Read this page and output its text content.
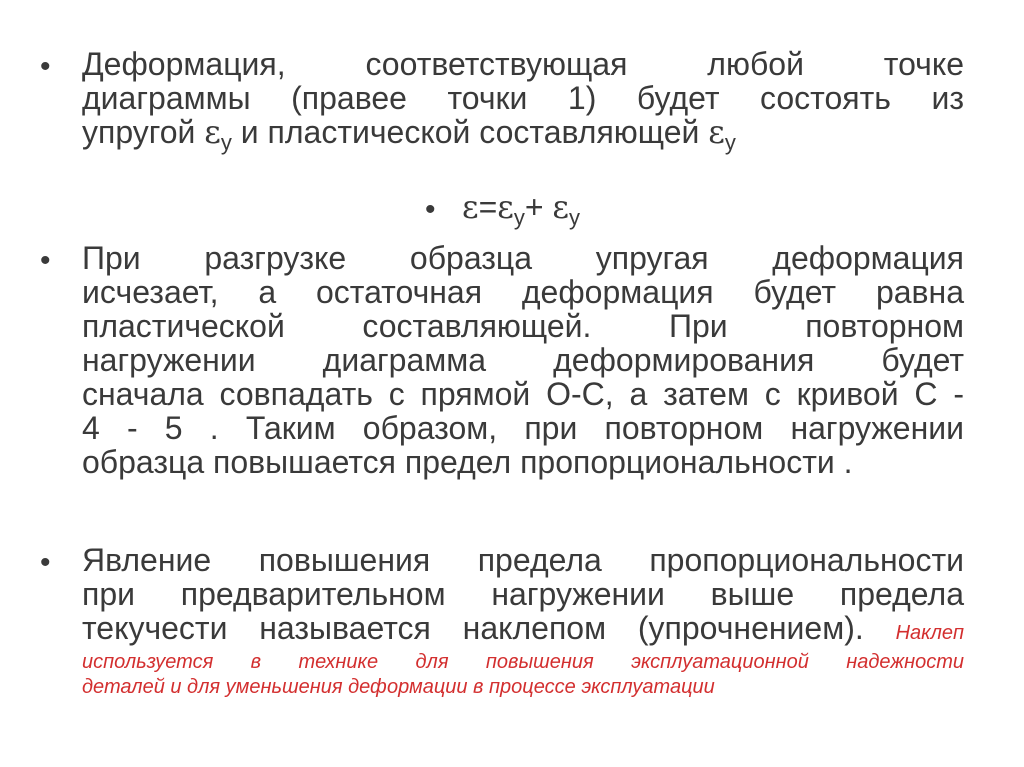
• Деформация, соответствующая любой точке
диаграммы (правее точки 1) будет состоять из
упругой $\varepsilon_у$ и пластической составляющей $\varepsilon_у$
• $\varepsilon=\varepsilon_у+ \varepsilon_у$
• При разгрузке образца упругая деформация
исчезает, а остаточная деформация будет равна
пластической составляющей. При повторном
нагружении диаграмма деформирования будет
сначала совпадать с прямой О-С, а затем с кривой С -
4 - 5 . Таким образом, при повторном нагружении
образца повышается предел пропорциональности .
• Явление повышения предела пропорциональности
при предварительном нагружении выше предела
текучести называется наклепом (упрочнением). Наклеп
используется в технике для повышения эксплуатационной надежности
деталей и для уменьшения деформации в процессе эксплуатации
